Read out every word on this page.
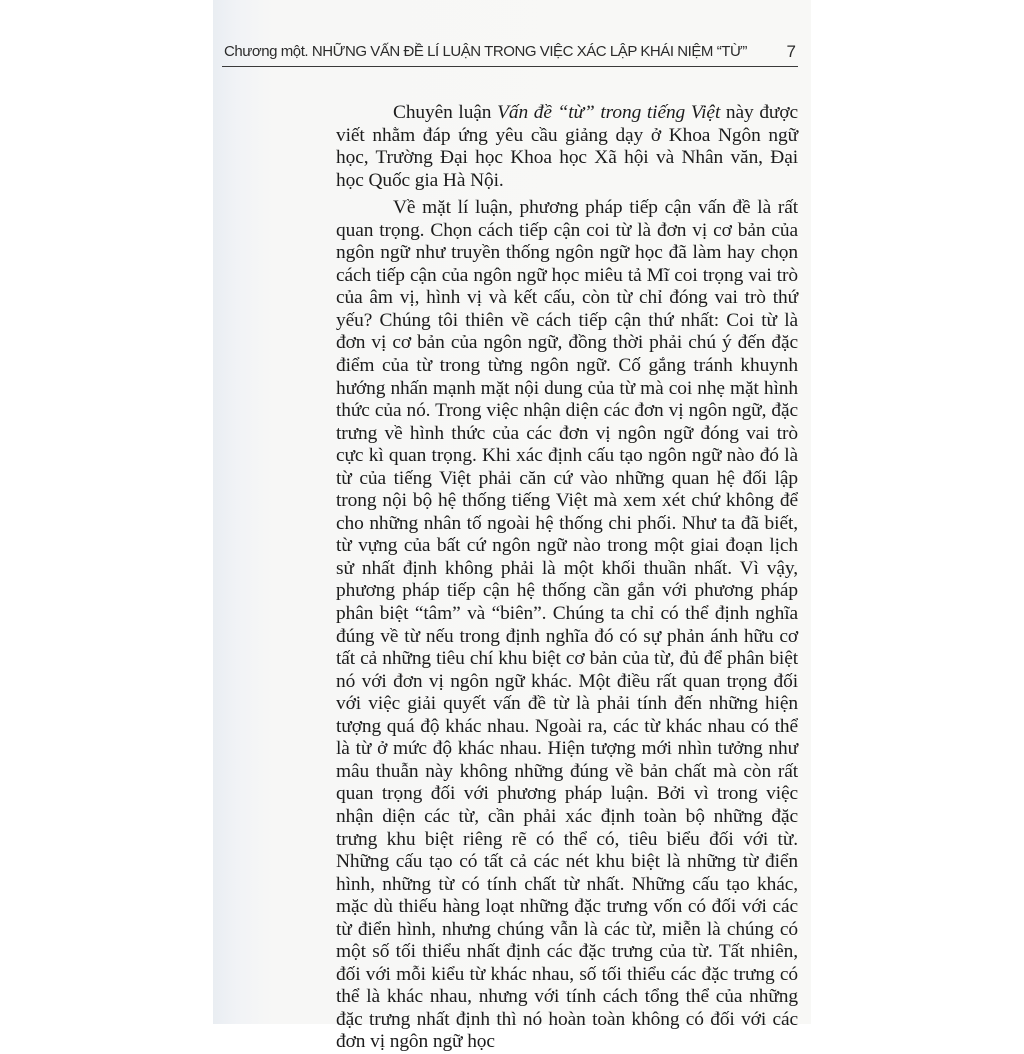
Chương một. NHỮNG VẤN ĐỀ LÍ LUẬN TRONG VIỆC XÁC LẬP KHÁI NIỆM “TỪ” 7

Chuyên luận Vấn đề “từ” trong tiếng Việt này được viết nhằm đáp ứng yêu cầu giảng dạy ở Khoa Ngôn ngữ học, Trường Đại học Khoa học Xã hội và Nhân văn, Đại học Quốc gia Hà Nội.

Về mặt lí luận, phương pháp tiếp cận vấn đề là rất quan trọng. Chọn cách tiếp cận coi từ là đơn vị cơ bản của ngôn ngữ như truyền thống ngôn ngữ học đã làm hay chọn cách tiếp cận của ngôn ngữ học miêu tả Mĩ coi trọng vai trò của âm vị, hình vị và kết cấu, còn từ chỉ đóng vai trò thứ yếu? Chúng tôi thiên về cách tiếp cận thứ nhất: Coi từ là đơn vị cơ bản của ngôn ngữ, đồng thời phải chú ý đến đặc điểm của từ trong từng ngôn ngữ. Cố gắng tránh khuynh hướng nhấn mạnh mặt nội dung của từ mà coi nhẹ mặt hình thức của nó. Trong việc nhận diện các đơn vị ngôn ngữ, đặc trưng về hình thức của các đơn vị ngôn ngữ đóng vai trò cực kì quan trọng. Khi xác định cấu tạo ngôn ngữ nào đó là từ của tiếng Việt phải căn cứ vào những quan hệ đối lập trong nội bộ hệ thống tiếng Việt mà xem xét chứ không để cho những nhân tố ngoài hệ thống chi phối. Như ta đã biết, từ vựng của bất cứ ngôn ngữ nào trong một giai đoạn lịch sử nhất định không phải là một khối thuần nhất. Vì vậy, phương pháp tiếp cận hệ thống cần gắn với phương pháp phân biệt “tâm” và “biên”. Chúng ta chỉ có thể định nghĩa đúng về từ nếu trong định nghĩa đó có sự phản ánh hữu cơ tất cả những tiêu chí khu biệt cơ bản của từ, đủ để phân biệt nó với đơn vị ngôn ngữ khác. Một điều rất quan trọng đối với việc giải quyết vấn đề từ là phải tính đến những hiện tượng quá độ khác nhau. Ngoài ra, các từ khác nhau có thể là từ ở mức độ khác nhau. Hiện tượng mới nhìn tưởng như mâu thuẫn này không những đúng về bản chất mà còn rất quan trọng đối với phương pháp luận. Bởi vì trong việc nhận diện các từ, cần phải xác định toàn bộ những đặc trưng khu biệt riêng rẽ có thể có, tiêu biểu đối với từ. Những cấu tạo có tất cả các nét khu biệt là những từ điển hình, những từ có tính chất từ nhất. Những cấu tạo khác, mặc dù thiếu hàng loạt những đặc trưng vốn có đối với các từ điển hình, nhưng chúng vẫn là các từ, miễn là chúng có một số tối thiểu nhất định các đặc trưng của từ. Tất nhiên, đối với mỗi kiểu từ khác nhau, số tối thiểu các đặc trưng có thể là khác nhau, nhưng với tính cách tổng thể của những đặc trưng nhất định thì nó hoàn toàn không có đối với các đơn vị ngôn ngữ học
